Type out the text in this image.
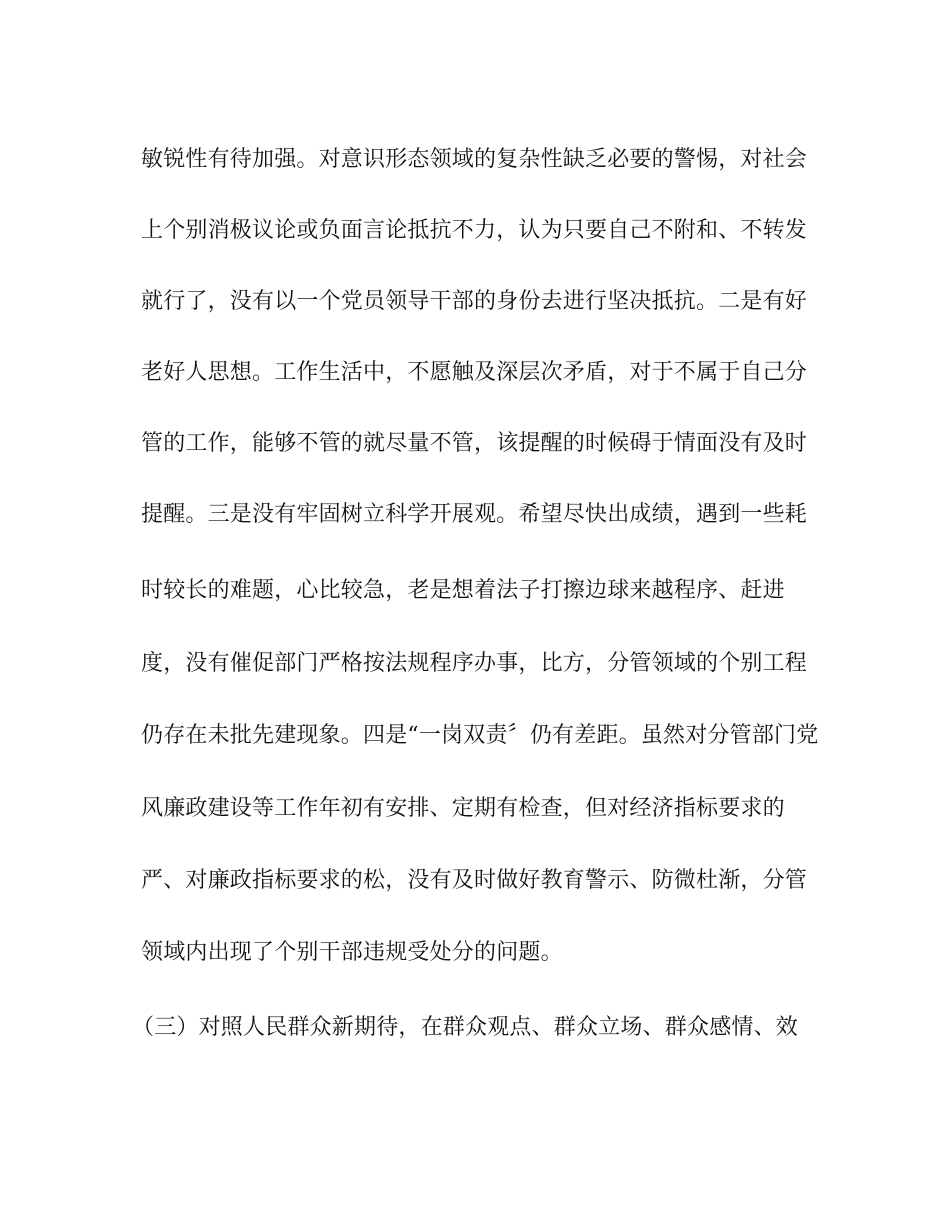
敏锐性有待加强。对意识形态领域的复杂性缺乏必要的警惕，对社会
上个别消极议论或负面言论抵抗不力，认为只要自己不附和、不转发
就行了，没有以一个党员领导干部的身份去进行坚决抵抗。二是有好
老好人思想。工作生活中，不愿触及深层次矛盾，对于不属于自己分
管的工作，能够不管的就尽量不管，该提醒的时候碍于情面没有及时
提醒。三是没有牢固树立科学开展观。希望尽快出成绩，遇到一些耗
时较长的难题，心比较急，老是想着法子打擦边球来越程序、赶进
度，没有催促部门严格按法规程序办事，比方，分管领域的个别工程
仍存在未批先建现象。四是“一岗双责〞仍有差距。虽然对分管部门党
风廉政建设等工作年初有安排、定期有检查，但对经济指标要求的
严、对廉政指标要求的松，没有及时做好教育警示、防微杜渐，分管
领域内出现了个别干部违规受处分的问题。
（三）对照人民群众新期待，在群众观点、群众立场、群众感情、效
